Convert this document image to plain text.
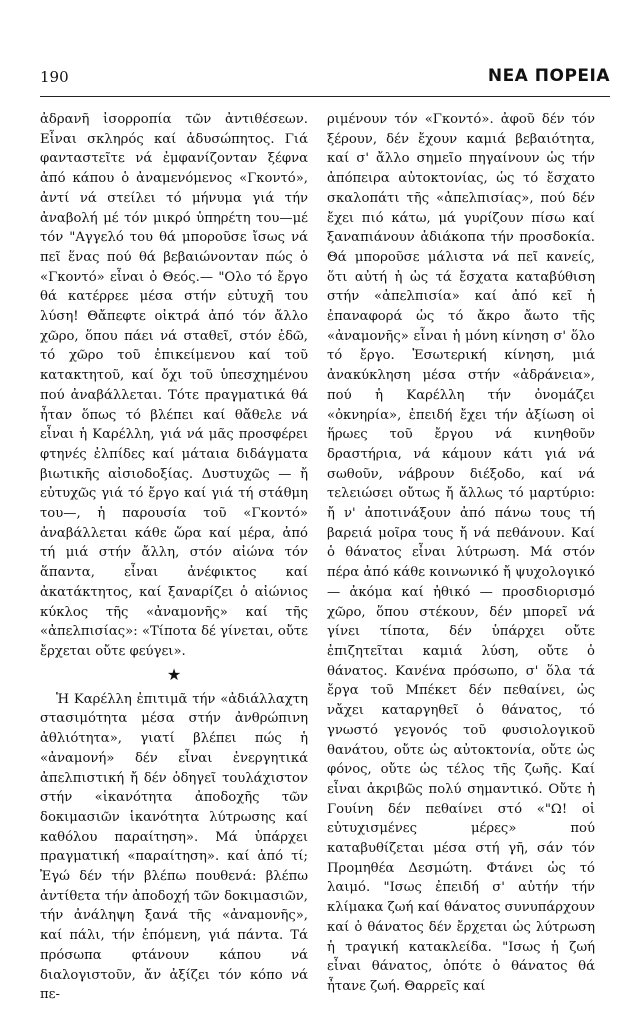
190	ΝΕΑ ΠΟΡΕΙΑ

ἀδρανῆ ἰσορροπία τῶν ἀντιθέσεων. Εἶναι σκληρός καί ἀδυσώπητος. Γιά φανταστεῖτε νά ἐμφανίζονταν ξέφνα ἀπό κάπου ὁ ἀναμενόμενος «Γκοντό», ἀντί νά στείλει τό μήνυμα γιά τήν ἀναβολή μέ τόν μικρό ὑπηρέτη του—μέ τόν "Αγγελό του θά μποροῦσε ἴσως νά πεῖ ἕνας πού θά βεβαιώνονταν πώς ὁ «Γκοντό» εἶναι ὁ Θεός.— "Ολο τό ἔργο θά κατέρρεε μέσα στήν εὐτυχῆ του λύση! Θἄπεφτε οἰκτρά ἀπό τόν ἄλλο χῶρο, ὅπου πάει νά σταθεῖ, στόν ἐδῶ, τό χῶρο τοῦ ἐπικείμενου καί τοῦ κατακτητοῦ, καί ὄχι τοῦ ὑπεσχημένου πού ἀναβάλλεται. Τότε πραγματικά θά ἦταν ὅπως τό βλέπει καί θἄθελε νά εἶναι ἡ Καρέλλη, γιά νά μᾶς προσφέρει φτηνές ἐλπίδες καί μάταια διδάγματα βιωτικῆς αἰσιοδοξίας. Δυστυχῶς — ἤ εὐτυχῶς γιά τό ἔργο καί γιά τή στάθμη του—, ἡ παρουσία τοῦ «Γκοντό» ἀναβάλλεται κάθε ὥρα καί μέρα, ἀπό τή μιά στήν ἄλλη, στόν αἰώνα τόν ἅπαντα, εἶναι ἀνέφικτος καί ἀκατάκτητος, καί ξαναρίζει ὁ αἰώνιος κύκλος τῆς «ἀναμονῆς» καί τῆς «ἀπελπισίας»: «Τίποτα δέ γίνεται, οὔτε ἔρχεται οὔτε φεύγει».

★

Ἡ Καρέλλη ἐπιτιμᾶ τήν «ἀδιάλλαχτη στασιμότητα μέσα στήν ἀνθρώπινη ἀθλιότητα», γιατί βλέπει πώς ἡ «ἀναμονή» δέν εἶναι ἐνεργητικά ἀπελπιστική ἤ δέν ὁδηγεῖ τουλάχιστον στήν «ἱκανότητα ἀποδοχῆς τῶν δοκιμασιῶν ἱκανότητα λύτρωσης καί καθόλου παραίτηση». Μά ὑπάρχει πραγματική «παραίτηση». καί ἀπό τί; Ἐγώ δέν τήν βλέπω πουθενά: βλέπω ἀντίθετα τήν ἀποδοχή τῶν δοκιμασιῶν, τήν ἀνάληψη ξανά τῆς «ἀναμονῆς», καί πάλι, τήν ἑπόμενη, γιά πάντα. Τά πρόσωπα φτάνουν κάπου νά διαλογιστοῦν, ἄν ἀξίζει τόν κόπο νά πε-

ριμένουν τόν «Γκοντό». ἀφοῦ δέν τόν ξέρουν, δέν ἔχουν καμιά βεβαιότητα, καί σ' ἄλλο σημεῖο πηγαίνουν ὡς τήν ἀπόπειρα αὐτοκτονίας, ὡς τό ἔσχατο σκαλοπάτι τῆς «ἀπελπισίας», πού δέν ἔχει πιό κάτω, μά γυρίζουν πίσω καί ξαναπιάνουν ἀδιάκοπα τήν προσδοκία. Θά μποροῦσε μάλιστα νά πεῖ κανείς, ὅτι αὐτή ἡ ὡς τά ἔσχατα καταβύθιση στήν «ἀπελπισία» καί ἀπό κεῖ ἡ ἐπαναφορά ὡς τό ἄκρο ἄωτο τῆς «ἀναμονῆς» εἶναι ἡ μόνη κίνηση σ' ὅλο τό ἔργο. Ἐσωτερική κίνηση, μιά ἀνακύκληση μέσα στήν «ἀδράνεια», πού ἡ Καρέλλη τήν ὀνομάζει «ὀκνηρία», ἐπειδή ἔχει τήν ἀξίωση οἱ ἥρωες τοῦ ἔργου νά κινηθοῦν δραστήρια, νά κάμουν κάτι γιά νά σωθοῦν, νάβρουν διέξοδο, καί νά τελειώσει οὔτως ἤ ἄλλως τό μαρτύριο: ἤ ν' ἀποτινάξουν ἀπό πάνω τους τή βαρειά μοῖρα τους ἤ νά πεθάνουν. Καί ὁ θάνατος εἶναι λύτρωση. Μά στόν πέρα ἀπό κάθε κοινωνικό ἤ ψυχολογικό — ἀκόμα καί ἠθικό — προσδιορισμό χῶρο, ὅπου στέκουν, δέν μπορεῖ νά γίνει τίποτα, δέν ὑπάρχει οὔτε ἐπιζητεῖται καμιά λύση, οὔτε ὁ θάνατος. Κανένα πρόσωπο, σ' ὅλα τά ἔργα τοῦ Μπέκετ δέν πεθαίνει, ὡς νἄχει καταργηθεῖ ὁ θάνατος, τό γνωστό γεγονός τοῦ φυσιολογικοῦ θανάτου, οὔτε ὡς αὐτοκτονία, οὔτε ὡς φόνος, οὔτε ὡς τέλος τῆς ζωῆς. Καί εἶναι ἀκριβῶς πολύ σημαντικό. Οὔτε ἡ Γουίνη δέν πεθαίνει στό «"Ω! οἱ εὐτυχισμένες μέρες» πού καταβυθίζεται μέσα στή γῆ, σάν τόν Προμηθέα Δεσμώτη. Φτάνει ὡς τό λαιμό. "Ισως ἐπειδή σ' αὐτήν τήν κλίμακα ζωή καί θάνατος συνυπάρχουν καί ὁ θάνατος δέν ἔρχεται ὡς λύτρωση ἡ τραγική κατακλείδα. "Ισως ἡ ζωή εἶναι θάνατος, ὁπότε ὁ θάνατος θά ἦτανε ζωή. Θαρρεῖς καί
